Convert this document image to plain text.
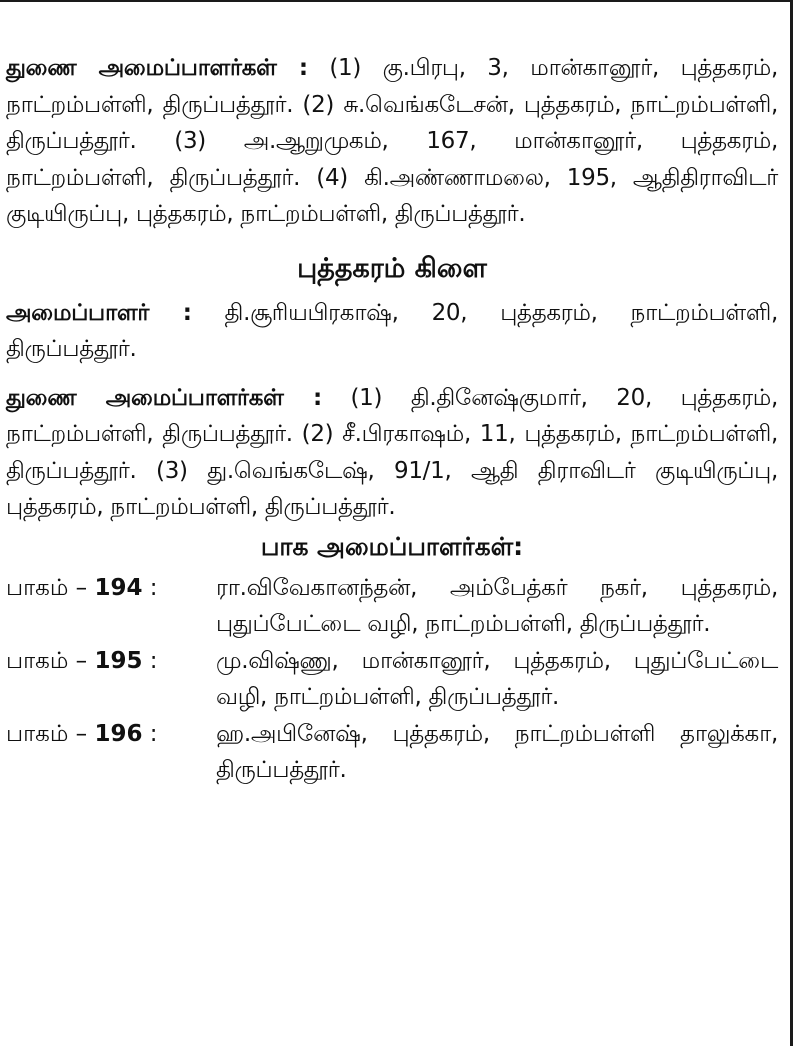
துணை அமைப்பாளர்கள் : (1) கு.பிரபு, 3, மான்கானூர், புத்தகரம், நாட்றம்பள்ளி, திருப்பத்தூர். (2) சு.வெங்கடேசன், புத்தகரம், நாட்றம்பள்ளி, திருப்பத்தூர். (3) அ.ஆறுமுகம், 167, மான்கானூர், புத்தகரம், நாட்றம்பள்ளி, திருப்பத்தூர். (4) கி.அண்ணாமலை, 195, ஆதிதிராவிடர் குடியிருப்பு, புத்தகரம், நாட்றம்பள்ளி, திருப்பத்தூர்.

புத்தகரம் கிளை

அமைப்பாளர் : தி.சூரியபிரகாஷ், 20, புத்தகரம், நாட்றம்பள்ளி, திருப்பத்தூர்.

துணை அமைப்பாளர்கள் : (1) தி.தினேஷ்குமார், 20, புத்தகரம், நாட்றம்பள்ளி, திருப்பத்தூர். (2) சீ.பிரகாஷம், 11, புத்தகரம், நாட்றம்பள்ளி, திருப்பத்தூர். (3) து.வெங்கடேஷ், 91/1, ஆதி திராவிடர் குடியிருப்பு, புத்தகரம், நாட்றம்பள்ளி, திருப்பத்தூர்.

பாக அமைப்பாளர்கள்:
பாகம் – 194 :	ரா.விவேகானந்தன், அம்பேத்கர் நகர், புத்தகரம், புதுப்பேட்டை வழி, நாட்றம்பள்ளி, திருப்பத்தூர்.
பாகம் – 195 :	மு.விஷ்ணு, மான்கானூர், புத்தகரம், புதுப்பேட்டை வழி, நாட்றம்பள்ளி, திருப்பத்தூர்.
பாகம் – 196 :	ஹ.அபினேஷ், புத்தகரம், நாட்றம்பள்ளி தாலுக்கா, திருப்பத்தூர்.
